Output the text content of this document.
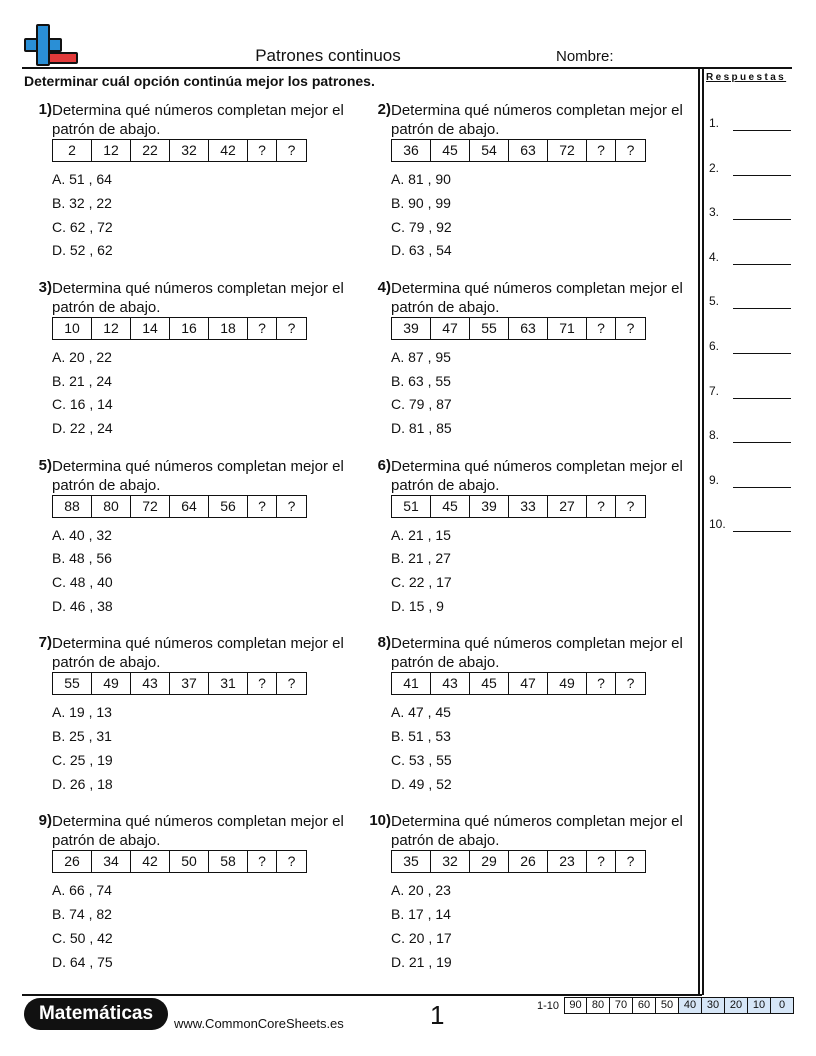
Patrones continuos	Nombre:
Determinar cuál opción continúa mejor los patrones.	Respuestas
1.
2.
3.
4.
5.
6.
7.
8.
9.
10.
1) Determina qué números completan mejor el patrón de abajo.
2	12	22	32	42	?	?
A. 51 , 64
B. 32 , 22
C. 62 , 72
D. 52 , 62
2) Determina qué números completan mejor el patrón de abajo.
36	45	54	63	72	?	?
A. 81 , 90
B. 90 , 99
C. 79 , 92
D. 63 , 54
3) Determina qué números completan mejor el patrón de abajo.
10	12	14	16	18	?	?
A. 20 , 22
B. 21 , 24
C. 16 , 14
D. 22 , 24
4) Determina qué números completan mejor el patrón de abajo.
39	47	55	63	71	?	?
A. 87 , 95
B. 63 , 55
C. 79 , 87
D. 81 , 85
5) Determina qué números completan mejor el patrón de abajo.
88	80	72	64	56	?	?
A. 40 , 32
B. 48 , 56
C. 48 , 40
D. 46 , 38
6) Determina qué números completan mejor el patrón de abajo.
51	45	39	33	27	?	?
A. 21 , 15
B. 21 , 27
C. 22 , 17
D. 15 , 9
7) Determina qué números completan mejor el patrón de abajo.
55	49	43	37	31	?	?
A. 19 , 13
B. 25 , 31
C. 25 , 19
D. 26 , 18
8) Determina qué números completan mejor el patrón de abajo.
41	43	45	47	49	?	?
A. 47 , 45
B. 51 , 53
C. 53 , 55
D. 49 , 52
9) Determina qué números completan mejor el patrón de abajo.
26	34	42	50	58	?	?
A. 66 , 74
B. 74 , 82
C. 50 , 42
D. 64 , 75
10) Determina qué números completan mejor el patrón de abajo.
35	32	29	26	23	?	?
A. 20 , 23
B. 17 , 14
C. 20 , 17
D. 21 , 19
Matemáticas	www.CommonCoreSheets.es	1	1-10 90 80 70 60 50 40 30 20 10	0
